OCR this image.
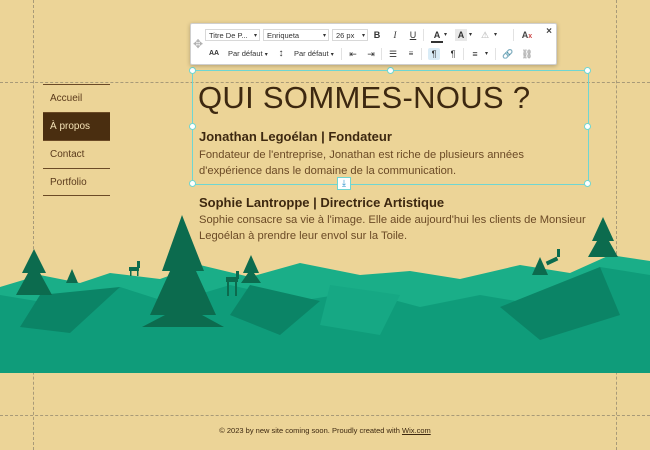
Accueil
À propos
Contact
Portfolio
QUI SOMMES-NOUS ?
Jonathan Legoélan | Fondateur
Fondateur de l'entreprise, Jonathan est riche de plusieurs années d'expérience dans le domaine de la communication.
Sophie Lantroppe | Directrice Artistique
Sophie consacre sa vie à l'image. Elle aide aujourd'hui les clients de Monsieur Legoélan à prendre leur envol sur la Toile.
⤓
✥
×
Titre De P... ▾	Enriqueta	▾	26 px ▾ B	I	U	A ▾	A ▾ ⚠ ▾	Ax
AA Par défaut ▾	↕	Par défaut ▾ ⇤ ⇥ ☰	≡	¶	¶	≡	▾ 🔗 ⛓
© 2023 by new site coming soon. Proudly created with Wix.com
